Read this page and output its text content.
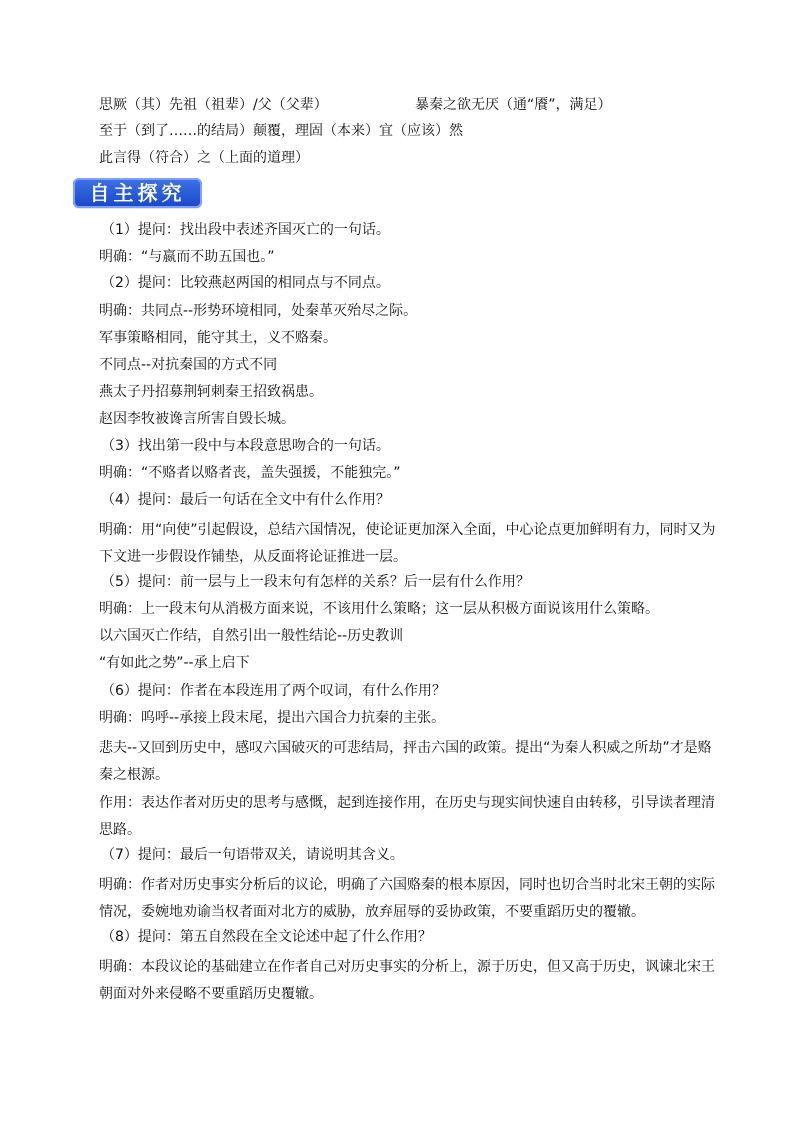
思厥（其）先祖（祖辈）/父（父辈）	暴秦之欲无厌（通“餍”，满足）
至于（到了……的结局）颠覆，理固（本来）宜（应该）然
此言得（符合）之（上面的道理）
自主探究
（1）提问：找出段中表述齐国灭亡的一句话。
明确：“与嬴而不助五国也。”
（2）提问：比较燕赵两国的相同点与不同点。
明确：共同点--形势环境相同，处秦革灭殆尽之际。
军事策略相同，能守其土，义不赂秦。
不同点--对抗秦国的方式不同
燕太子丹招募荆轲刺秦王招致祸患。
赵因李牧被谗言所害自毁长城。
（3）找出第一段中与本段意思吻合的一句话。
明确：“不赂者以赂者丧，盖失强援，不能独完。”
（4）提问：最后一句话在全文中有什么作用？
明确：用“向使”引起假设，总结六国情况，使论证更加深入全面，中心论点更加鲜明有力，同时又为下文进一步假设作铺垫，从反面将论证推进一层。
（5）提问：前一层与上一段末句有怎样的关系？后一层有什么作用？
明确：上一段末句从消极方面来说，不该用什么策略；这一层从积极方面说该用什么策略。
以六国灭亡作结，自然引出一般性结论--历史教训
“有如此之势”--承上启下
（6）提问：作者在本段连用了两个叹词，有什么作用？
明确：呜呼--承接上段末尾，提出六国合力抗秦的主张。
悲夫--又回到历史中，感叹六国破灭的可悲结局，抨击六国的政策。提出“为秦人积威之所劫”才是赂秦之根源。
作用：表达作者对历史的思考与感慨，起到连接作用，在历史与现实间快速自由转移，引导读者理清思路。
（7）提问：最后一句语带双关，请说明其含义。
明确：作者对历史事实分析后的议论，明确了六国赂秦的根本原因，同时也切合当时北宋王朝的实际情况，委婉地劝谕当权者面对北方的威胁，放弃屈辱的妥协政策，不要重蹈历史的覆辙。
（8）提问：第五自然段在全文论述中起了什么作用？
明确：本段议论的基础建立在作者自己对历史事实的分析上，源于历史，但又高于历史，讽谏北宋王朝面对外来侵略不要重蹈历史覆辙。
